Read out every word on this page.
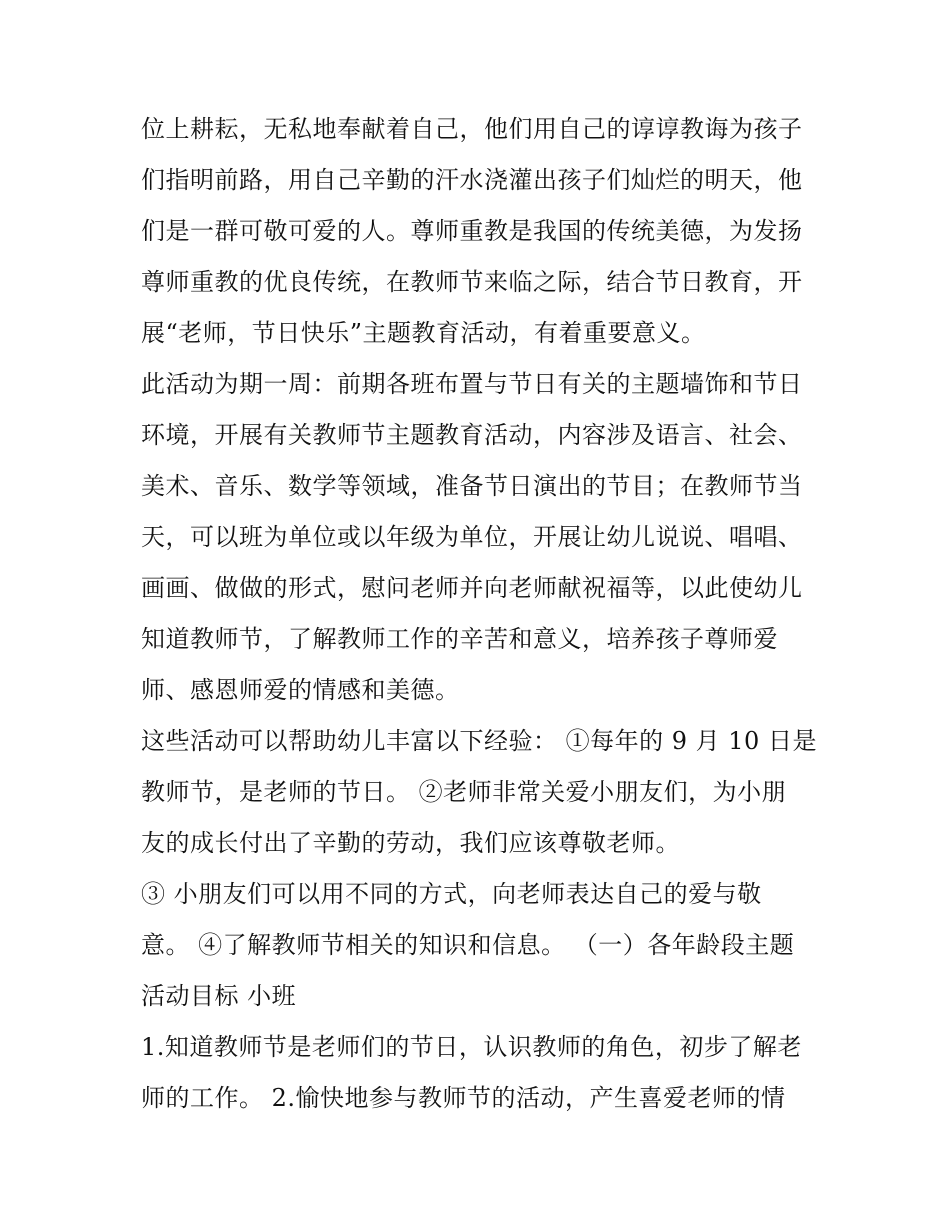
位上耕耘，无私地奉献着自己，他们用自己的谆谆教诲为孩子
们指明前路，用自己辛勤的汗水浇灌出孩子们灿烂的明天，他
们是一群可敬可爱的人。尊师重教是我国的传统美德，为发扬
尊师重教的优良传统，在教师节来临之际，结合节日教育，开
展“老师，节日快乐”主题教育活动，有着重要意义。
此活动为期一周：前期各班布置与节日有关的主题墙饰和节日
环境，开展有关教师节主题教育活动，内容涉及语言、社会、
美术、音乐、数学等领域，准备节日演出的节目；在教师节当
天，可以班为单位或以年级为单位，开展让幼儿说说、唱唱、
画画、做做的形式，慰问老师并向老师献祝福等，以此使幼儿
知道教师节，了解教师工作的辛苦和意义，培养孩子尊师爱
师、感恩师爱的情感和美德。
这些活动可以帮助幼儿丰富以下经验： ①每年的 9 月 10 日是
教师节，是老师的节日。 ②老师非常关爱小朋友们，为小朋
友的成长付出了辛勤的劳动，我们应该尊敬老师。
③ 小朋友们可以用不同的方式，向老师表达自己的爱与敬
意。 ④了解教师节相关的知识和信息。 （一）各年龄段主题
活动目标 小班
1.知道教师节是老师们的节日，认识教师的角色，初步了解老
师的工作。 2.愉快地参与教师节的活动，产生喜爱老师的情
